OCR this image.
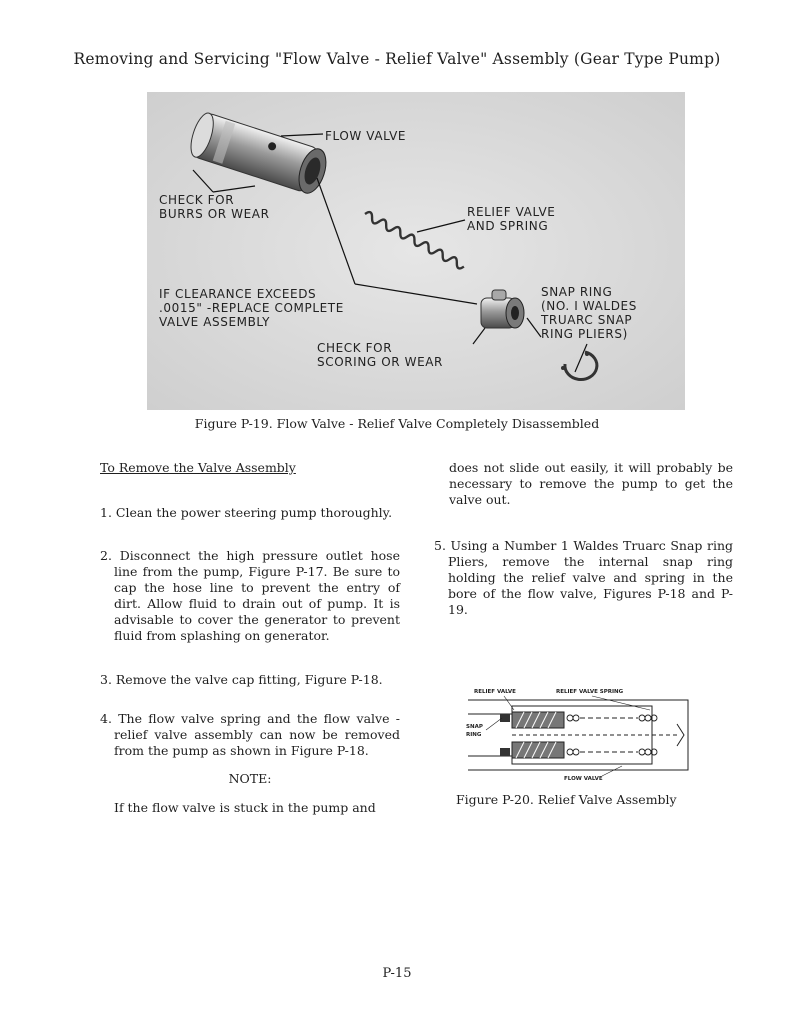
Removing and Servicing "Flow Valve - Relief Valve" Assembly (Gear Type Pump)
FLOW VALVE
CHECK FOR
BURRS OR WEAR	RELIEF VALVE
AND SPRING
IF CLEARANCE EXCEEDS
.0015" -REPLACE COMPLETE
VALVE ASSEMBLY
SNAP RING
(NO. I WALDES
TRUARC SNAP
RING PLIERS)
CHECK FOR
SCORING OR WEAR
Figure P-19. Flow Valve - Relief Valve Completely Disassembled

To Remove the Valve Assembly

1. Clean the power steering pump thoroughly.

2. Disconnect the high pressure outlet hose line from the pump, Figure P-17. Be sure to cap the hose line to prevent the entry of dirt. Allow fluid to drain out of pump. It is advisable to cover the generator to prevent fluid from splashing on generator.

3. Remove the valve cap fitting, Figure P-18.

4. The flow valve spring and the flow valve - relief valve assembly can now be removed from the pump as shown in Figure P-18.

NOTE:

If the flow valve is stuck in the pump and

does not slide out easily, it will probably be necessary to remove the pump to get the valve out.

5. Using a Number 1 Waldes Truarc Snap ring Pliers, remove the internal snap ring holding the relief valve and spring in the bore of the flow valve, Figures P-18 and P-19.

RELIEF VALVE	RELIEF VALVE SPRING
SNAP
RING
FLOW VALVE
Figure P-20. Relief Valve Assembly
P-15
